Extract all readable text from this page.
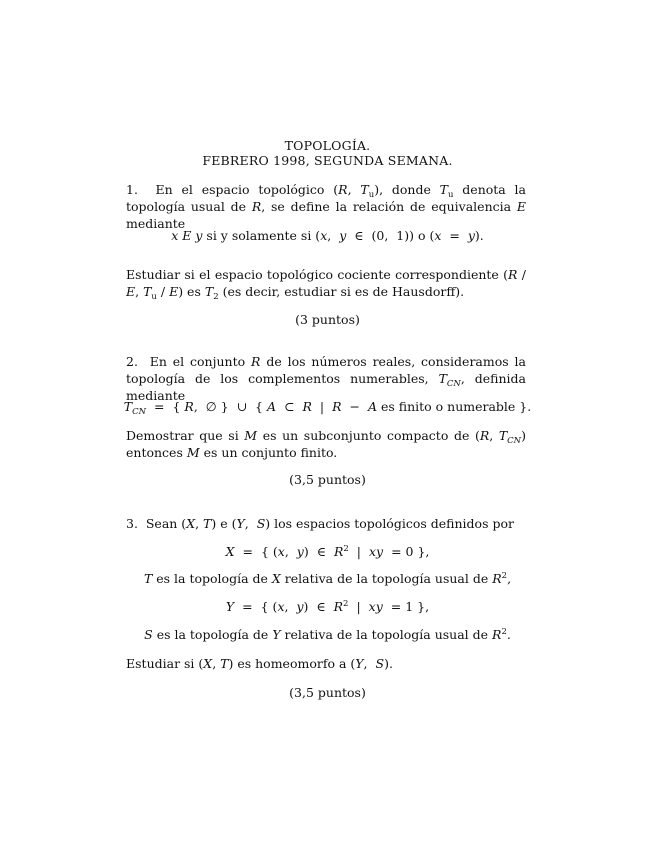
TOPOLOGÍA.
FEBRERO 1998, SEGUNDA SEMANA.
1.  En el espacio topológico (R, $T_u$), donde $T_u$ denota la topología usual de R, se define la relación de equivalencia E mediante
x E y si y solamente si (x, y ∈ (0, 1)) o (x = y).
Estudiar si el espacio topológico cociente correspondiente (R / E, $T_u / E$) es $T_2$ (es decir, estudiar si es de Hausdorff).
(3 puntos)
2.  En el conjunto R de los números reales, consideramos la topología de los complementos numerables, $T_{CN}$, definida mediante
$T_{CN}$ = { R, ∅ } ∪ { A ⊂ R | R − A es finito o numerable }.
Demostrar que si M es un subconjunto compacto de (R, $T_{CN}$) entonces M es un conjunto finito.
(3,5 puntos)
3.  Sean (X, T) e (Y, S) los espacios topológicos definidos por
X = { (x, y) ∈ $R^2$ | xy = 0 },
T es la topología de X relativa de la topología usual de $R^2$,
Y = { (x, y) ∈ $R^2$ | xy = 1 },
S es la topología de Y relativa de la topología usual de $R^2$.
Estudiar si (X, T) es homeomorfo a (Y, S).
(3,5 puntos)
